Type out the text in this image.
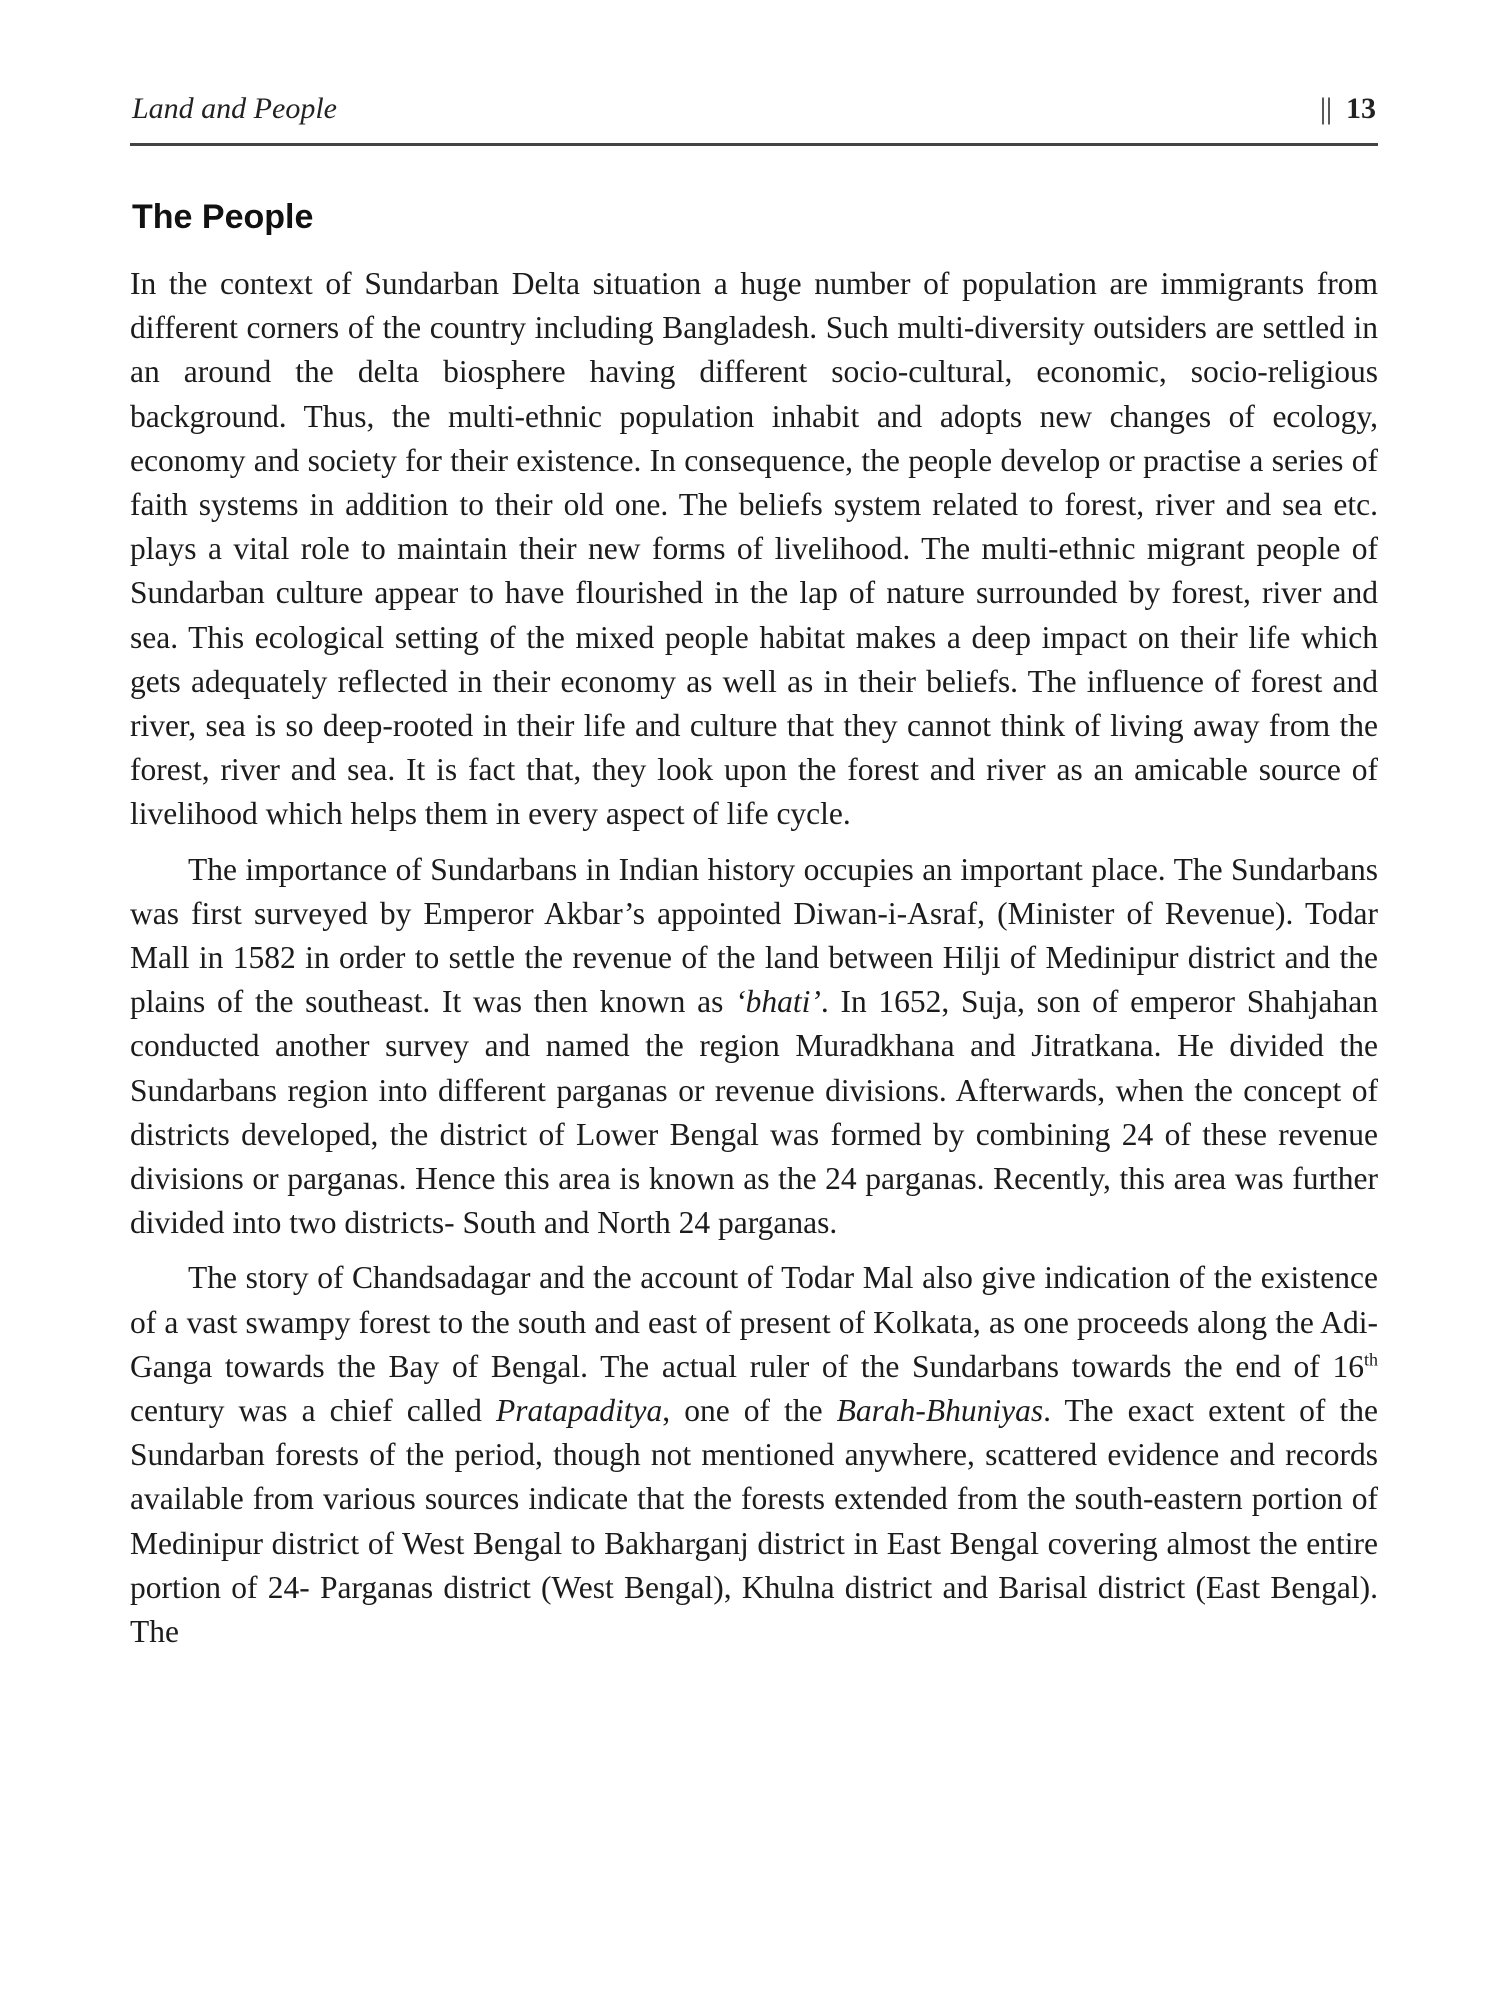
Land and People	|| 13
The People

In the context of Sundarban Delta situation a huge number of population are immigrants from different corners of the country including Bangladesh. Such multi-diversity outsiders are settled in an around the delta biosphere having different socio-cultural, economic, socio-religious background. Thus, the multi-ethnic population inhabit and adopts new changes of ecology, economy and society for their existence. In consequence, the people develop or practise a series of faith systems in addition to their old one. The beliefs system related to forest, river and sea etc. plays a vital role to maintain their new forms of livelihood. The multi-ethnic migrant people of Sundarban culture appear to have flourished in the lap of nature surrounded by forest, river and sea. This ecological setting of the mixed people habitat makes a deep impact on their life which gets adequately reflected in their economy as well as in their beliefs. The influence of forest and river, sea is so deep-rooted in their life and culture that they cannot think of living away from the forest, river and sea. It is fact that, they look upon the forest and river as an amicable source of livelihood which helps them in every aspect of life cycle.

The importance of Sundarbans in Indian history occupies an important place. The Sundarbans was first surveyed by Emperor Akbar’s appointed Diwan-i-Asraf, (Minister of Revenue). Todar Mall in 1582 in order to settle the revenue of the land between Hilji of Medinipur district and the plains of the southeast. It was then known as ‘bhati’. In 1652, Suja, son of emperor Shahjahan conducted another survey and named the region Muradkhana and Jitratkana. He divided the Sundarbans region into different parganas or revenue divisions. Afterwards, when the concept of districts developed, the district of Lower Bengal was formed by combining 24 of these revenue divisions or parganas. Hence this area is known as the 24 parganas. Recently, this area was further divided into two districts- South and North 24 parganas.

The story of Chandsadagar and the account of Todar Mal also give indication of the existence of a vast swampy forest to the south and east of present of Kolkata, as one proceeds along the Adi-Ganga towards the Bay of Bengal. The actual ruler of the Sundarbans towards the end of 16th century was a chief called Pratapaditya, one of the Barah-Bhuniyas. The exact extent of the Sundarban forests of the period, though not mentioned anywhere, scattered evidence and records available from various sources indicate that the forests extended from the south-eastern portion of Medinipur district of West Bengal to Bakharganj district in East Bengal covering almost the entire portion of 24- Parganas district (West Bengal), Khulna district and Barisal district (East Bengal). The
